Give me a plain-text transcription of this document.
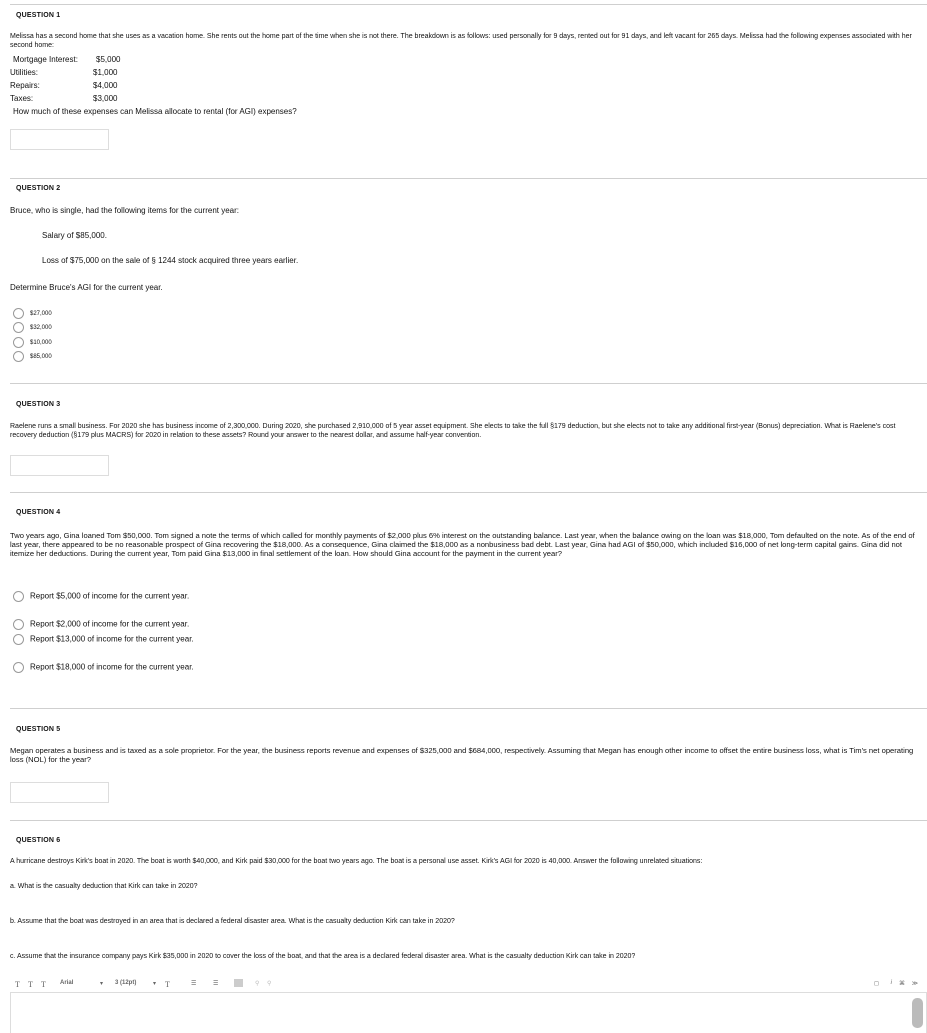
QUESTION 1
Melissa has a second home that she uses as a vacation home. She rents out the home part of the time when she is not there. The breakdown is as follows: used personally for 9 days, rented out for 91 days, and left vacant for 265 days. Melissa had the following expenses associated with her second home:
Mortgage Interest: $5,000
Utilities:	$1,000
Repairs:	$4,000
Taxes:	$3,000
How much of these expenses can Melissa allocate to rental (for AGI) expenses?
QUESTION 2
Bruce, who is single, had the following items for the current year:
Salary of $85,000.
Loss of $75,000 on the sale of § 1244 stock acquired three years earlier.
Determine Bruce's AGI for the current year.
$27,000
$32,000
$10,000
$85,000
QUESTION 3
Raelene runs a small business. For 2020 she has business income of 2,300,000. During 2020, she purchased 2,910,000 of 5 year asset equipment. She elects to take the full §179 deduction, but she elects not to take any additional first-year (Bonus) depreciation. What is Raelene's cost recovery deduction (§179 plus MACRS) for 2020 in relation to these assets? Round your answer to the nearest dollar, and assume half-year convention.
QUESTION 4
Two years ago, Gina loaned Tom $50,000. Tom signed a note the terms of which called for monthly payments of $2,000 plus 6% interest on the outstanding balance. Last year, when the balance owing on the loan was $18,000, Tom defaulted on the note. As of the end of last year, there appeared to be no reasonable prospect of Gina recovering the $18,000. As a consequence, Gina claimed the $18,000 as a nonbusiness bad debt. Last year, Gina had AGI of $50,000, which included $16,000 of net long-term capital gains. Gina did not itemize her deductions. During the current year, Tom paid Gina $13,000 in final settlement of the loan. How should Gina account for the payment in the current year?
Report $5,000 of income for the current year.
Report $2,000 of income for the current year.
Report $13,000 of income for the current year.
Report $18,000 of income for the current year.
QUESTION 5
Megan operates a business and is taxed as a sole proprietor. For the year, the business reports revenue and expenses of $325,000 and $684,000, respectively. Assuming that Megan has enough other income to offset the entire business loss, what is Tim's net operating loss (NOL) for the year?
QUESTION 6
A hurricane destroys Kirk's boat in 2020. The boat is worth $40,000, and Kirk paid $30,000 for the boat two years ago. The boat is a personal use asset. Kirk's AGI for 2020 is 40,000. Answer the following unrelated situations:
a. What is the casualty deduction that Kirk can take in 2020?
b. Assume that the boat was destroyed in an area that is declared a federal disaster area. What is the casualty deduction Kirk can take in 2020?
c. Assume that the insurance company pays Kirk $35,000 in 2020 to cover the loss of the boat, and that the area is a declared federal disaster area. What is the casualty deduction Kirk can take in 2020?
T T T Arial	▾ 3 (12pt)	▾ T	☰	☰	⚲ ⚲	◻ i ⌘ ≫
